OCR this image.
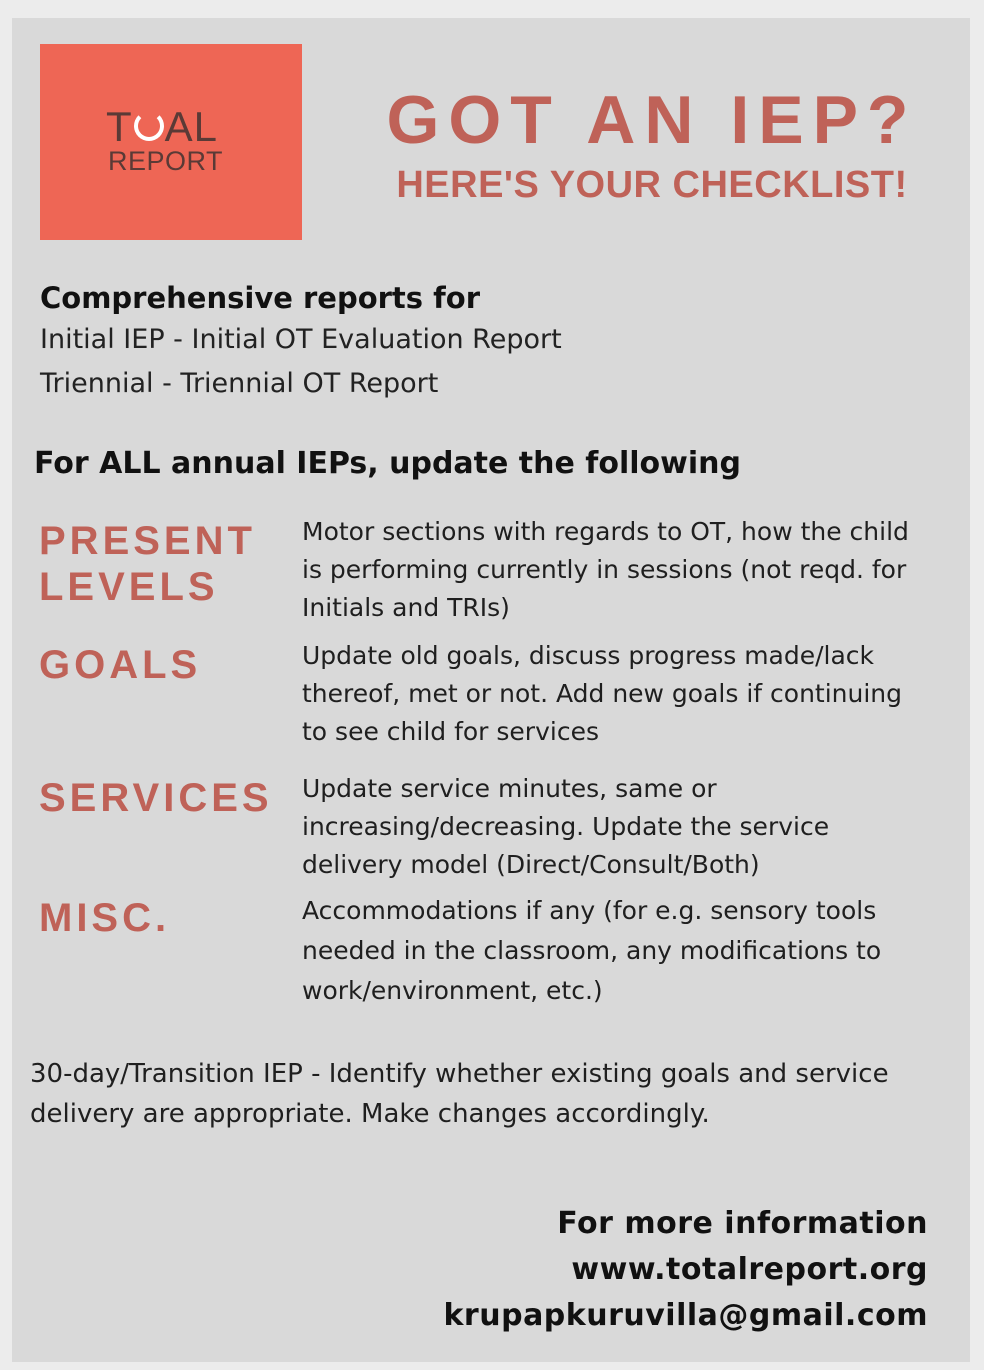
T AL
REPORT
GOT AN IEP?
HERE'S YOUR CHECKLIST!
Comprehensive reports for
Initial IEP - Initial OT Evaluation Report
Triennial - Triennial OT Report
For ALL annual IEPs, update the following
PRESENT
LEVELS
Motor sections with regards to OT, how the child is performing currently in sessions (not reqd. for Initials and TRIs)
GOALS	Update old goals, discuss progress made/lack thereof, met or not. Add new goals if continuing to see child for services
SERVICES Update service minutes, same or increasing/decreasing. Update the service delivery model (Direct/Consult/Both)
MISC.	Accommodations if any (for e.g. sensory tools needed in the classroom, any modifications to work/environment, etc.)
30-day/Transition IEP - Identify whether existing goals and service delivery are appropriate. Make changes accordingly.
For more information
www.totalreport.org
krupapkuruvilla@gmail.com
